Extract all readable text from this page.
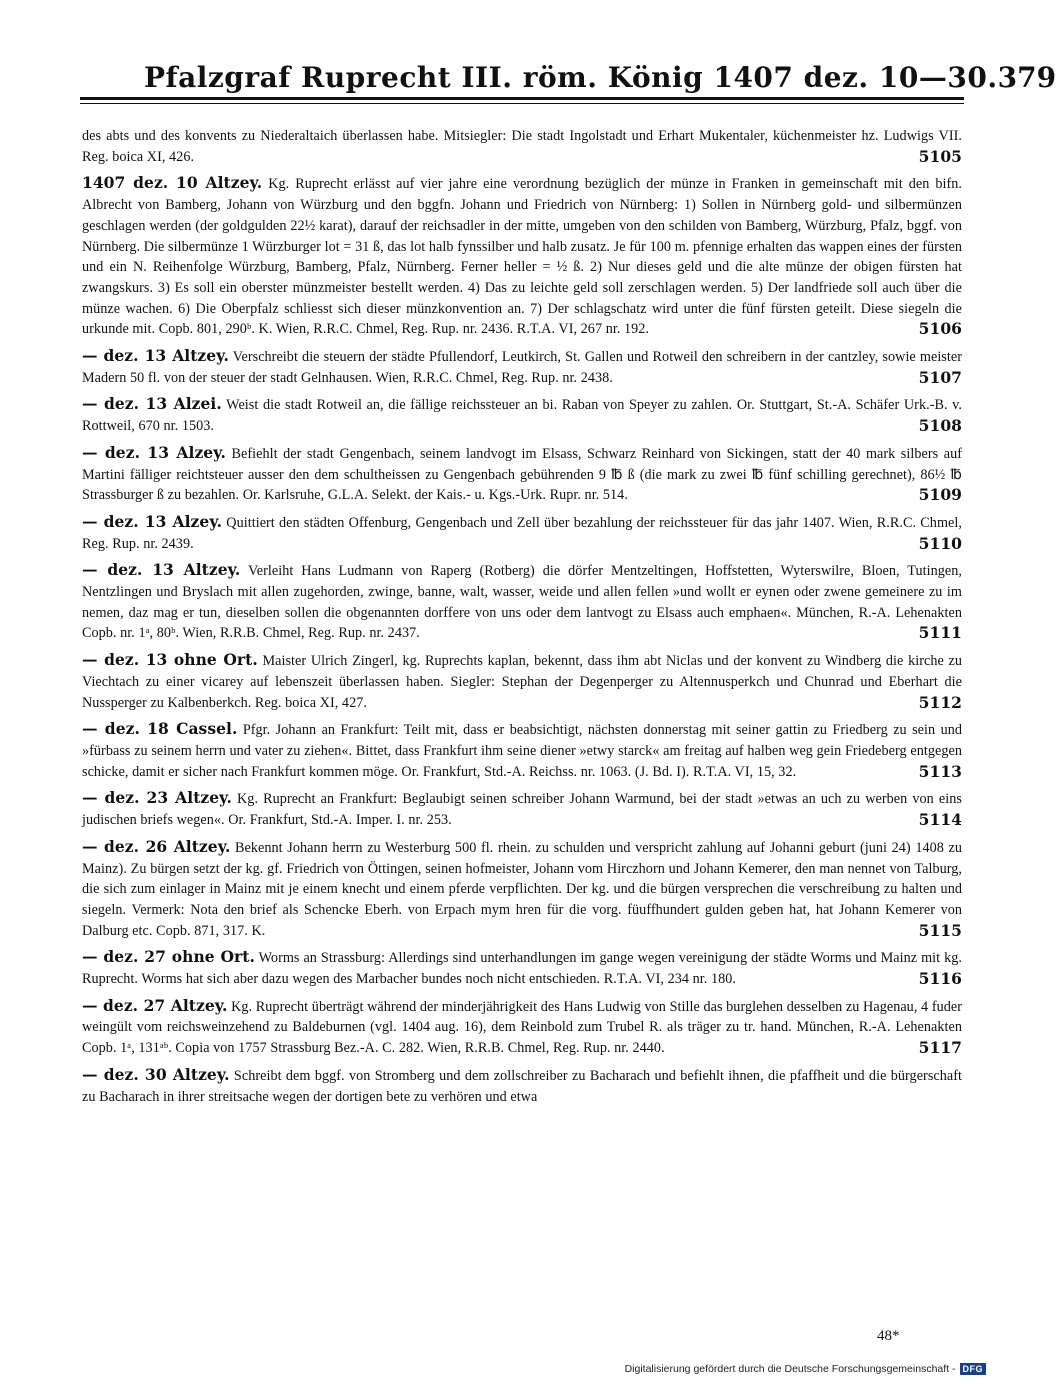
Pfalzgraf Ruprecht III. röm. König 1407 dez. 10—30. 379
des abts und des konvents zu Niederaltaich überlassen habe. Mitsiegler: Die stadt Ingolstadt und Erhart Mukentaler, küchenmeister hz. Ludwigs VII. Reg. boica XI, 426.	5105
1407 dez. 10 Altzey. Kg. Ruprecht erlässt auf vier jahre eine verordnung bezüglich der münze in Franken in gemeinschaft mit den bifn. Albrecht von Bamberg, Johann von Würzburg und den bggfn. Johann und Friedrich von Nürnberg: 1) Sollen in Nürnberg gold- und silbermünzen geschlagen werden (der goldgulden 22½ karat), darauf der reichsadler in der mitte, umgeben von den schilden von Bamberg, Würzburg, Pfalz, bggf. von Nürnberg. Die silbermünze 1 Würzburger lot = 31 ß, das lot halb fynssilber und halb zusatz. Je für 100 m. pfennige erhalten das wappen eines der fürsten und ein N. Reihenfolge Würzburg, Bamberg, Pfalz, Nürnberg. Ferner heller = ½ ß. 2) Nur dieses geld und die alte münze der obigen fürsten hat zwangskurs. 3) Es soll ein oberster münzmeister bestellt werden. 4) Das zu leichte geld soll zerschlagen werden. 5) Der landfriede soll auch über die münze wachen. 6) Die Oberpfalz schliesst sich dieser münzkonvention an. 7) Der schlagschatz wird unter die fünf fürsten geteilt. Diese siegeln die urkunde mit. Copb. 801, 290ᵇ. K. Wien, R.R.C. Chmel, Reg. Rup. nr. 2436. R.T.A. VI, 267 nr. 192.	5106
— dez. 13 Altzey. Verschreibt die steuern der städte Pfullendorf, Leutkirch, St. Gallen und Rotweil den schreibern in der cantzley, sowie meister Madern 50 fl. von der steuer der stadt Gelnhausen. Wien, R.R.C. Chmel, Reg. Rup. nr. 2438.	5107
— dez. 13 Alzei. Weist die stadt Rotweil an, die fällige reichssteuer an bi. Raban von Speyer zu zahlen. Or. Stuttgart, St.-A. Schäfer Urk.-B. v. Rottweil, 670 nr. 1503.	5108
— dez. 13 Alzey. Befiehlt der stadt Gengenbach, seinem landvogt im Elsass, Schwarz Reinhard von Sickingen, statt der 40 mark silbers auf Martini fälliger reichtsteuer ausser den dem schultheissen zu Gengenbach gebührenden 9 ℔ ß (die mark zu zwei ℔ fünf schilling gerechnet), 86½ ℔ Strassburger ß zu bezahlen. Or. Karlsruhe, G.L.A. Selekt. der Kais.- u. Kgs.-Urk. Rupr. nr. 514.	5109
— dez. 13 Alzey. Quittiert den städten Offenburg, Gengenbach und Zell über bezahlung der reichssteuer für das jahr 1407. Wien, R.R.C. Chmel, Reg. Rup. nr. 2439.	5110
— dez. 13 Altzey. Verleiht Hans Ludmann von Raperg (Rotberg) die dörfer Mentzeltingen, Hoffstetten, Wyterswilre, Bloen, Tutingen, Nentzlingen und Bryslach mit allen zugehorden, zwinge, banne, walt, wasser, weide und allen fellen »und wollt er eynen oder zwene gemeinere zu im nemen, daz mag er tun, dieselben sollen die obgenannten dorffere von uns oder dem lantvogt zu Elsass auch emphaen«. München, R.-A. Lehenakten Copb. nr. 1ᵃ, 80ᵇ. Wien, R.R.B. Chmel, Reg. Rup. nr. 2437.	5111
— dez. 13 ohne Ort. Maister Ulrich Zingerl, kg. Ruprechts kaplan, bekennt, dass ihm abt Niclas und der konvent zu Windberg die kirche zu Viechtach zu einer vicarey auf lebenszeit überlassen haben. Siegler: Stephan der Degenperger zu Altennusperkch und Chunrad und Eberhart die Nussperger zu Kalbenberkch. Reg. boica XI, 427.	5112
— dez. 18 Cassel. Pfgr. Johann an Frankfurt: Teilt mit, dass er beabsichtigt, nächsten donnerstag mit seiner gattin zu Friedberg zu sein und »fürbass zu seinem herrn und vater zu ziehen«. Bittet, dass Frankfurt ihm seine diener »etwy starck« am freitag auf halben weg gein Friedeberg entgegen schicke, damit er sicher nach Frankfurt kommen möge. Or. Frankfurt, Std.-A. Reichss. nr. 1063. (J. Bd. I). R.T.A. VI, 15, 32.	5113
— dez. 23 Altzey. Kg. Ruprecht an Frankfurt: Beglaubigt seinen schreiber Johann Warmund, bei der stadt »etwas an uch zu werben von eins judischen briefs wegen«. Or. Frankfurt, Std.-A. Imper. I. nr. 253.	5114
— dez. 26 Altzey. Bekennt Johann herrn zu Westerburg 500 fl. rhein. zu schulden und verspricht zahlung auf Johanni geburt (juni 24) 1408 zu Mainz). Zu bürgen setzt der kg. gf. Friedrich von Öttingen, seinen hofmeister, Johann vom Hirczhorn und Johann Kemerer, den man nennet von Talburg, die sich zum einlager in Mainz mit je einem knecht und einem pferde verpflichten. Der kg. und die bürgen versprechen die verschreibung zu halten und siegeln. Vermerk: Nota den brief als Schencke Eberh. von Erpach mym hren für die vorg. füuffhundert gulden geben hat, hat Johann Kemerer von Dalburg etc. Copb. 871, 317. K.	5115
— dez. 27 ohne Ort. Worms an Strassburg: Allerdings sind unterhandlungen im gange wegen vereinigung der städte Worms und Mainz mit kg. Ruprecht. Worms hat sich aber dazu wegen des Marbacher bundes noch nicht entschieden. R.T.A. VI, 234 nr. 180.	5116
— dez. 27 Altzey. Kg. Ruprecht überträgt während der minderjährigkeit des Hans Ludwig von Stille das burglehen desselben zu Hagenau, 4 fuder weingült vom reichsweinzehend zu Baldeburnen (vgl. 1404 aug. 16), dem Reinbold zum Trubel R. als träger zu tr. hand. München, R.-A. Lehenakten Copb. 1ᵃ, 131ᵃᵇ. Copia von 1757 Strassburg Bez.-A. C. 282. Wien, R.R.B. Chmel, Reg. Rup. nr. 2440.	5117
— dez. 30 Altzey. Schreibt dem bggf. von Stromberg und dem zollschreiber zu Bacharach und befiehlt ihnen, die pfaffheit und die bürgerschaft zu Bacharach in ihrer streitsache wegen der dortigen bete zu verhören und etwa
48*
Digitalisierung gefördert durch die Deutsche Forschungsgemeinschaft - DFG
